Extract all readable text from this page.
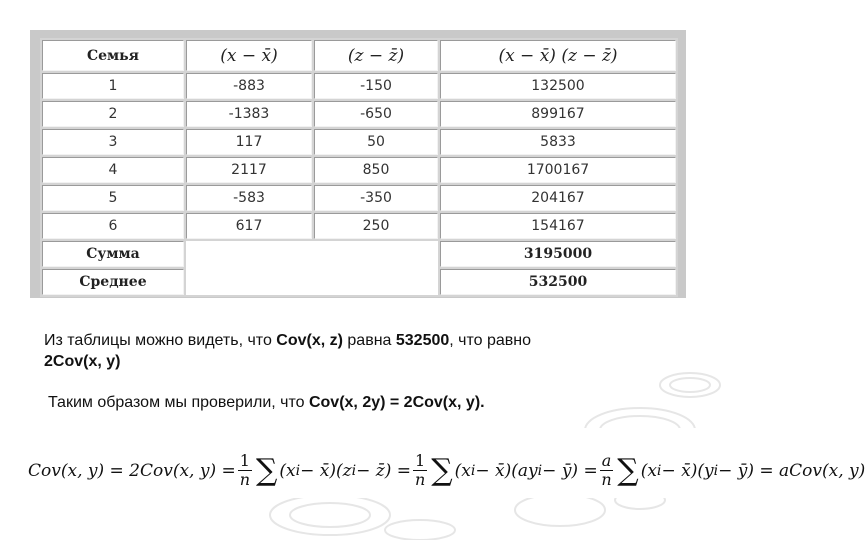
Семья	(x − x̄)	(z − z̄)	(x − x̄) (z − z̄)
1	-883	-150	132500
2	-1383	-650	899167
3	117	50	5833
4	2117	850	1700167
5	-583	-350	204167
6	617	250	154167
Сумма			3195000
Среднее			532500
Из таблицы можно видеть, что Cov(x, z) равна 532500, что равно
2Cov(x, y)
Таким образом мы проверили, что Cov(x, 2y) = 2Cov(x, y).
Cov(x, y) = 2Cov(x, $y) = \frac{1}{n}$ ∑ (x i − x̄)(z i − z̄) = $\frac{1}{n}$ ∑ (x i − x̄)(ay i − ȳ) = $\frac{a}{n}$ ∑ (x i − x̄)(y i − ȳ) = aCov(x, y)
